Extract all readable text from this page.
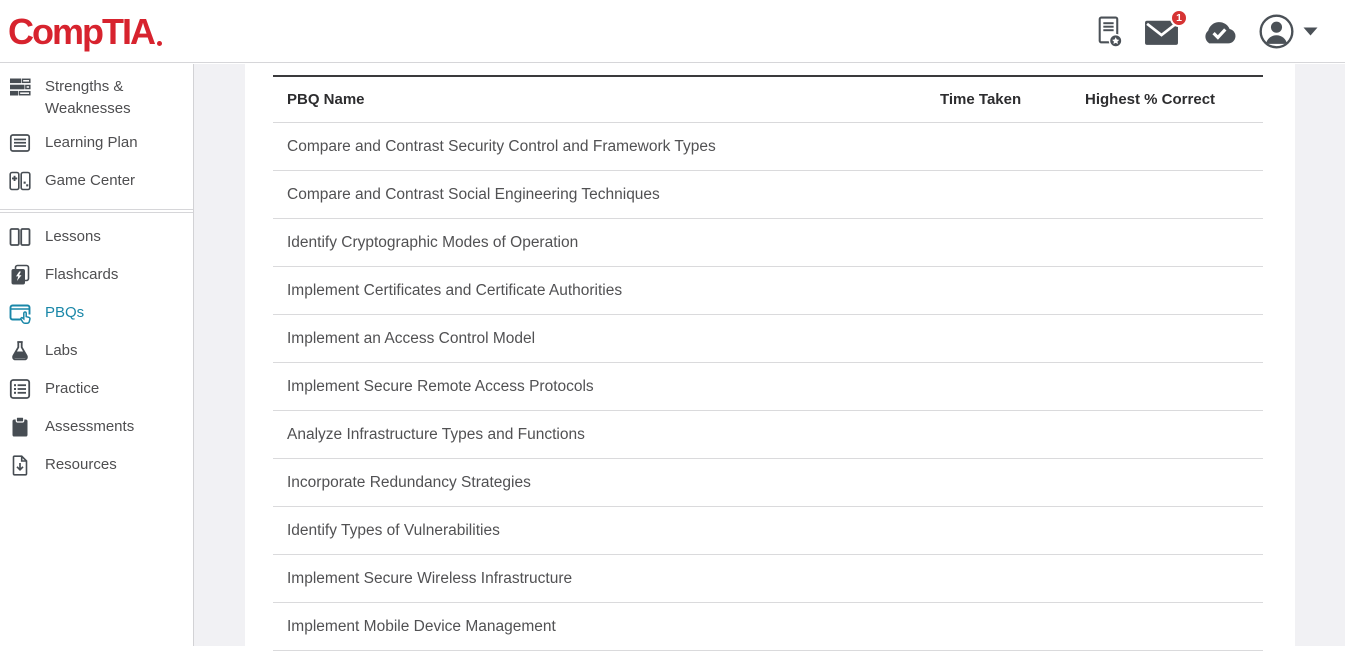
CompTIA	1
Strengths & Weaknesses
Learning Plan
Game Center
Lessons
Flashcards
PBQs
Labs
Practice
Assessments
Resources
PBQ Name	Time Taken	Highest % Correct
Compare and Contrast Security Control and Framework Types
Compare and Contrast Social Engineering Techniques
Identify Cryptographic Modes of Operation
Implement Certificates and Certificate Authorities
Implement an Access Control Model
Implement Secure Remote Access Protocols
Analyze Infrastructure Types and Functions
Incorporate Redundancy Strategies
Identify Types of Vulnerabilities
Implement Secure Wireless Infrastructure
Implement Mobile Device Management
